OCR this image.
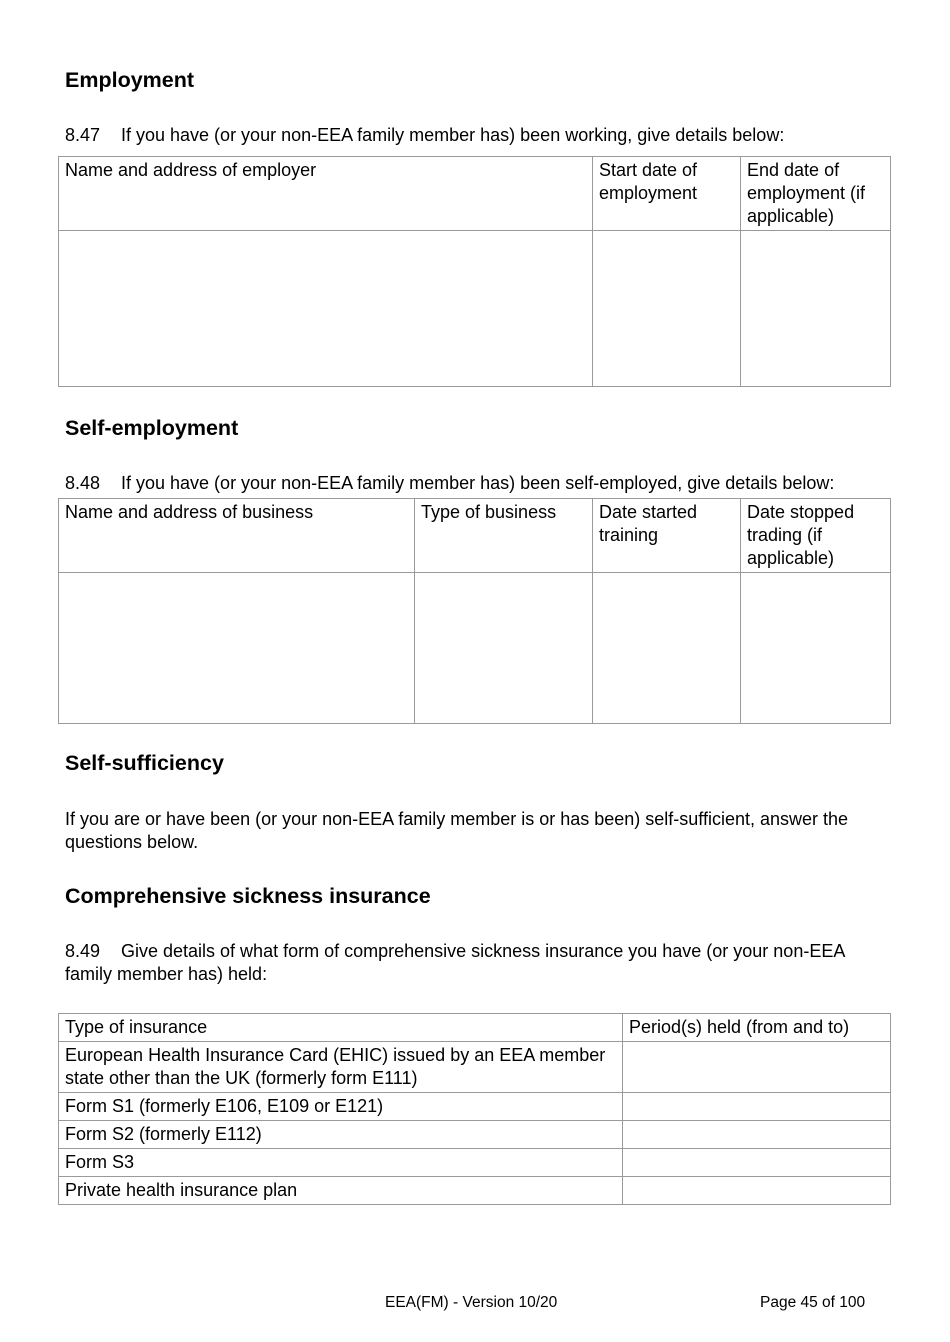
Employment
8.47 If you have (or your non-EEA family member has) been working, give details below:
Name and address of employer	Start date of employment	End date of employment (if applicable)

Self-employment
8.48 If you have (or your non-EEA family member has) been self-employed, give details below:
Name and address of business	Type of business	Date started training	Date stopped trading (if applicable)

Self-sufficiency
If you are or have been (or your non-EEA family member is or has been) self-sufficient, answer the questions below.
Comprehensive sickness insurance
8.49 Give details of what form of comprehensive sickness insurance you have (or your non-EEA family member has) held:
Type of insurance	Period(s) held (from and to)
European Health Insurance Card (EHIC) issued by an EEA member state other than the UK (formerly form E111)	
Form S1 (formerly E106, E109 or E121)	
Form S2 (formerly E112)	
Form S3	
Private health insurance plan	
EEA(FM) - Version 10/20	Page 45 of 100
